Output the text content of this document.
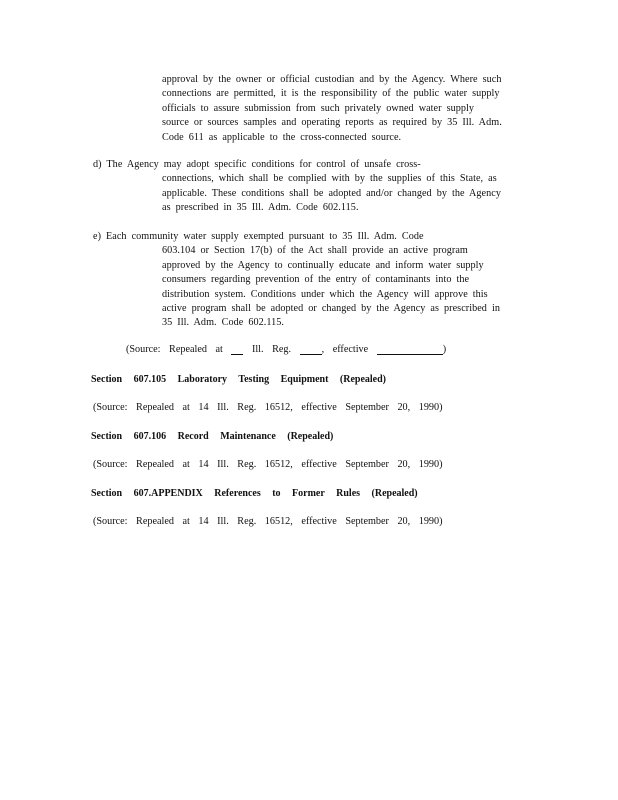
approval by the owner or official custodian and by the Agency. Where such
connections are permitted, it is the responsibility of the public water supply
officials to assure submission from such privately owned water supply
source or sources samples and operating reports as required by 35 Ill. Adm.
Code 611 as applicable to the cross-connected source.
d) The Agency may adopt specific conditions for control of unsafe cross-
connections, which shall be complied with by the supplies of this State, as
applicable. These conditions shall be adopted and/or changed by the Agency
as prescribed in 35 Ill. Adm. Code 602.115.
e) Each community water supply exempted pursuant to 35 Ill. Adm. Code
603.104 or Section 17(b) of the Act shall provide an active program
approved by the Agency to continually educate and inform water supply
consumers regarding prevention of the entry of contaminants into the
distribution system. Conditions under which the Agency will approve this
active program shall be adopted or changed by the Agency as prescribed in
35 Ill. Adm. Code 602.115.
(Source: Repealed at	Ill. Reg.	, effective	)
Section 607.105 Laboratory Testing Equipment (Repealed)
(Source: Repealed at 14 Ill. Reg. 16512, effective September 20, 1990)
Section 607.106 Record Maintenance (Repealed)
(Source: Repealed at 14 Ill. Reg. 16512, effective September 20, 1990)
Section 607.APPENDIX References to Former Rules (Repealed)
(Source: Repealed at 14 Ill. Reg. 16512, effective September 20, 1990)
